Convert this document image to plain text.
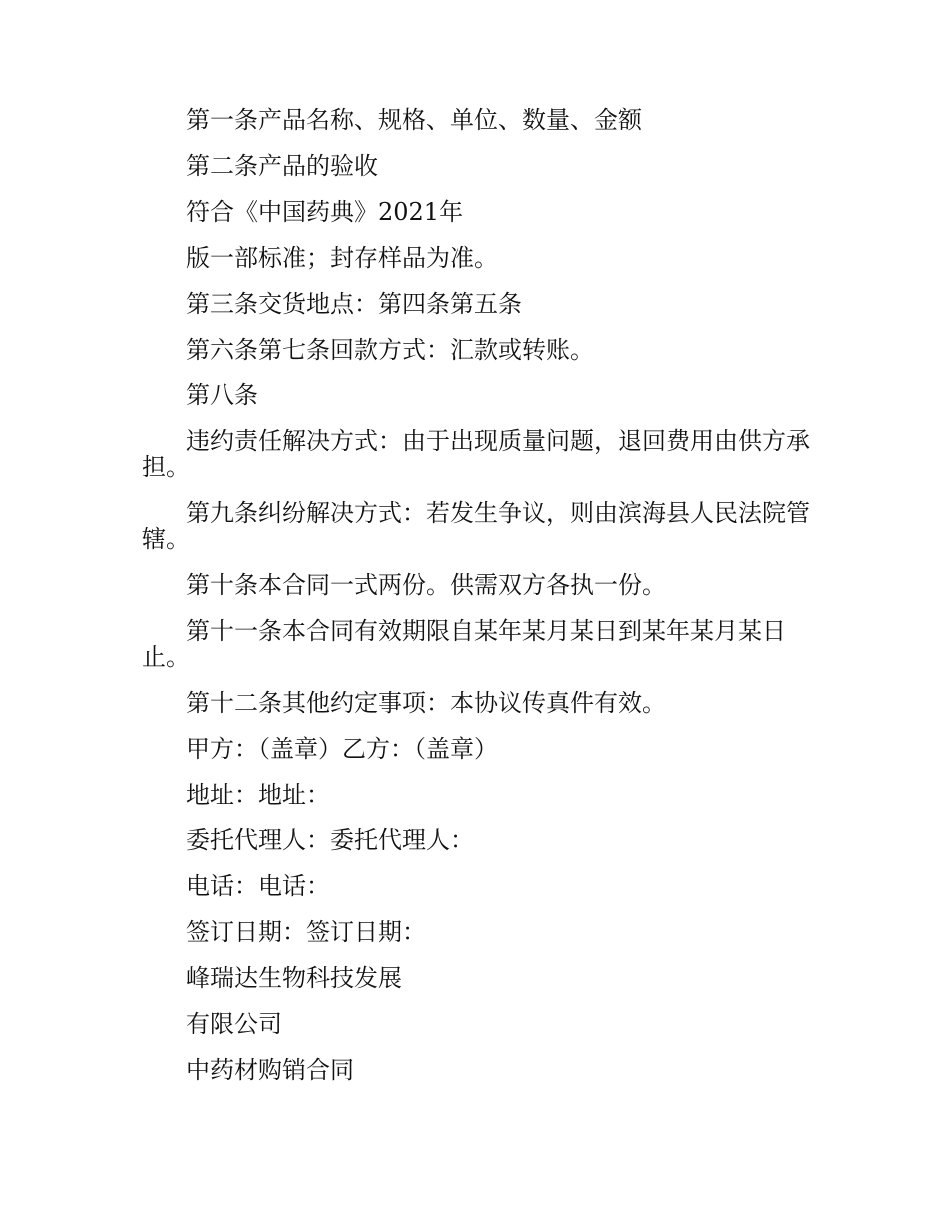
第一条产品名称、规格、单位、数量、金额

第二条产品的验收

符合《中国药典》2021年

版一部标准；封存样品为准。

第三条交货地点：第四条第五条

第六条第七条回款方式：汇款或转账。

第八条

违约责任解决方式：由于出现质量问题，退回费用由供方承担。

第九条纠纷解决方式：若发生争议，则由滨海县人民法院管辖。

第十条本合同一式两份。供需双方各执一份。

第十一条本合同有效期限自某年某月某日到某年某月某日止。

第十二条其他约定事项：本协议传真件有效。

甲方：（盖章）乙方：（盖章）

地址：地址：

委托代理人：委托代理人：

电话：电话：

签订日期：签订日期：

峰瑞达生物科技发展

有限公司

中药材购销合同
